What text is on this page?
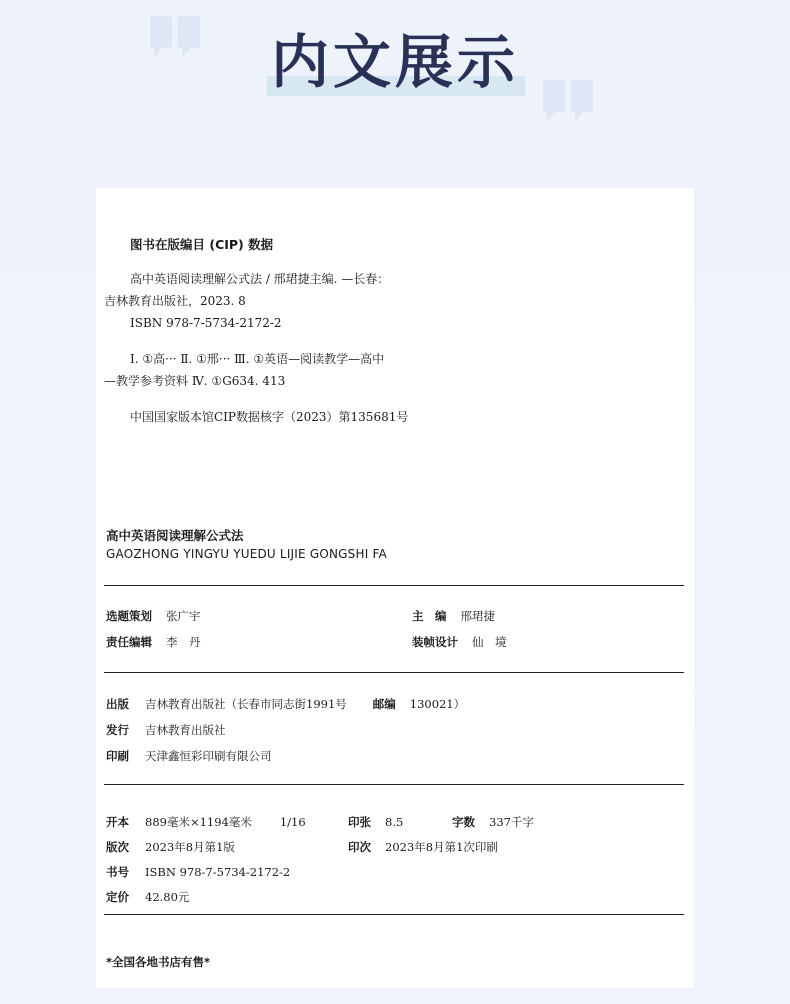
内文展示
图书在版编目 (CIP) 数据
高中英语阅读理解公式法 / 邢珺捷主编. —长春：
吉林教育出版社，2023. 8
ISBN 978-7-5734-2172-2
Ⅰ. ①高··· Ⅱ. ①邢··· Ⅲ. ①英语—阅读教学—高中
—教学参考资料 Ⅳ. ①G634. 413
中国国家版本馆CIP数据核字（2023）第135681号
高中英语阅读理解公式法
GAOZHONG YINGYU YUEDU LIJIE GONGSHI FA
选题策划 张广宇	主　编 邢珺捷
责任编辑 李　丹	装帧设计 仙　境
出版 吉林教育出版社（长春市同志街1991号 邮编 130021）
发行 吉林教育出版社
印刷 天津鑫恒彩印刷有限公司
开本 889毫米×1194毫米 1/16	印张 8.5	字数 337千字
版次 2023年8月第1版	印次 2023年8月第1次印刷
书号 ISBN 978-7-5734-2172-2
定价 42.80元
*全国各地书店有售*
